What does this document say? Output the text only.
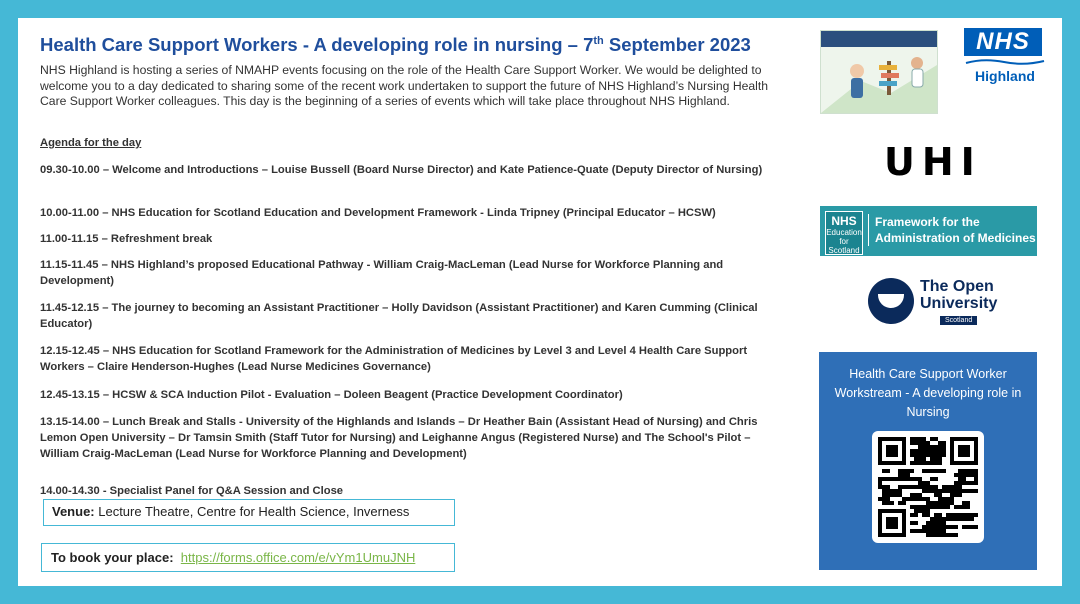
Health Care Support Workers - A developing role in nursing – 7th September 2023
NHS Highland is hosting a series of NMAHP events focusing on the role of the Health Care Support Worker. We would be delighted to welcome you to a day dedicated to sharing some of the recent work undertaken to support the future of NHS Highland’s Nursing Health Care Support Worker colleagues. This day is the beginning of a series of events which will take place throughout NHS Highland.
Agenda for the day
09.30-10.00 – Welcome and Introductions – Louise Bussell (Board Nurse Director) and Kate Patience-Quate (Deputy Director of Nursing)
10.00-11.00 – NHS Education for Scotland Education and Development Framework - Linda Tripney (Principal Educator – HCSW)
11.00-11.15 – Refreshment break
11.15-11.45 – NHS Highland’s proposed Educational Pathway - William Craig-MacLeman (Lead Nurse for Workforce Planning and Development)
11.45-12.15 – The journey to becoming an Assistant Practitioner – Holly Davidson (Assistant Practitioner) and Karen Cumming (Clinical Educator)
12.15-12.45 – NHS Education for Scotland Framework for the Administration of Medicines by Level 3 and Level 4 Health Care Support Workers – Claire Henderson-Hughes (Lead Nurse Medicines Governance)
12.45-13.15 – HCSW & SCA Induction Pilot - Evaluation – Doleen Beagent (Practice Development Coordinator)
13.15-14.00 – Lunch Break and Stalls - University of the Highlands and Islands – Dr Heather Bain (Assistant Head of Nursing) and Chris Lemon Open University – Dr Tamsin Smith (Staff Tutor for Nursing) and Leighanne Angus (Registered Nurse) and The School's Pilot – William Craig-MacLeman (Lead Nurse for Workforce Planning and Development)
14.00-14.30 - Specialist Panel for Q&A Session and Close
Venue: Lecture Theatre, Centre for Health Science, Inverness
To book your place: https://forms.office.com/e/vYm1UmuJNH
NHS
Highland
UHI
NHS
Education for Scotland
Framework for the
Administration of Medicines
The Open
University
Scotland
Health Care Support Worker Workstream - A developing role in Nursing
